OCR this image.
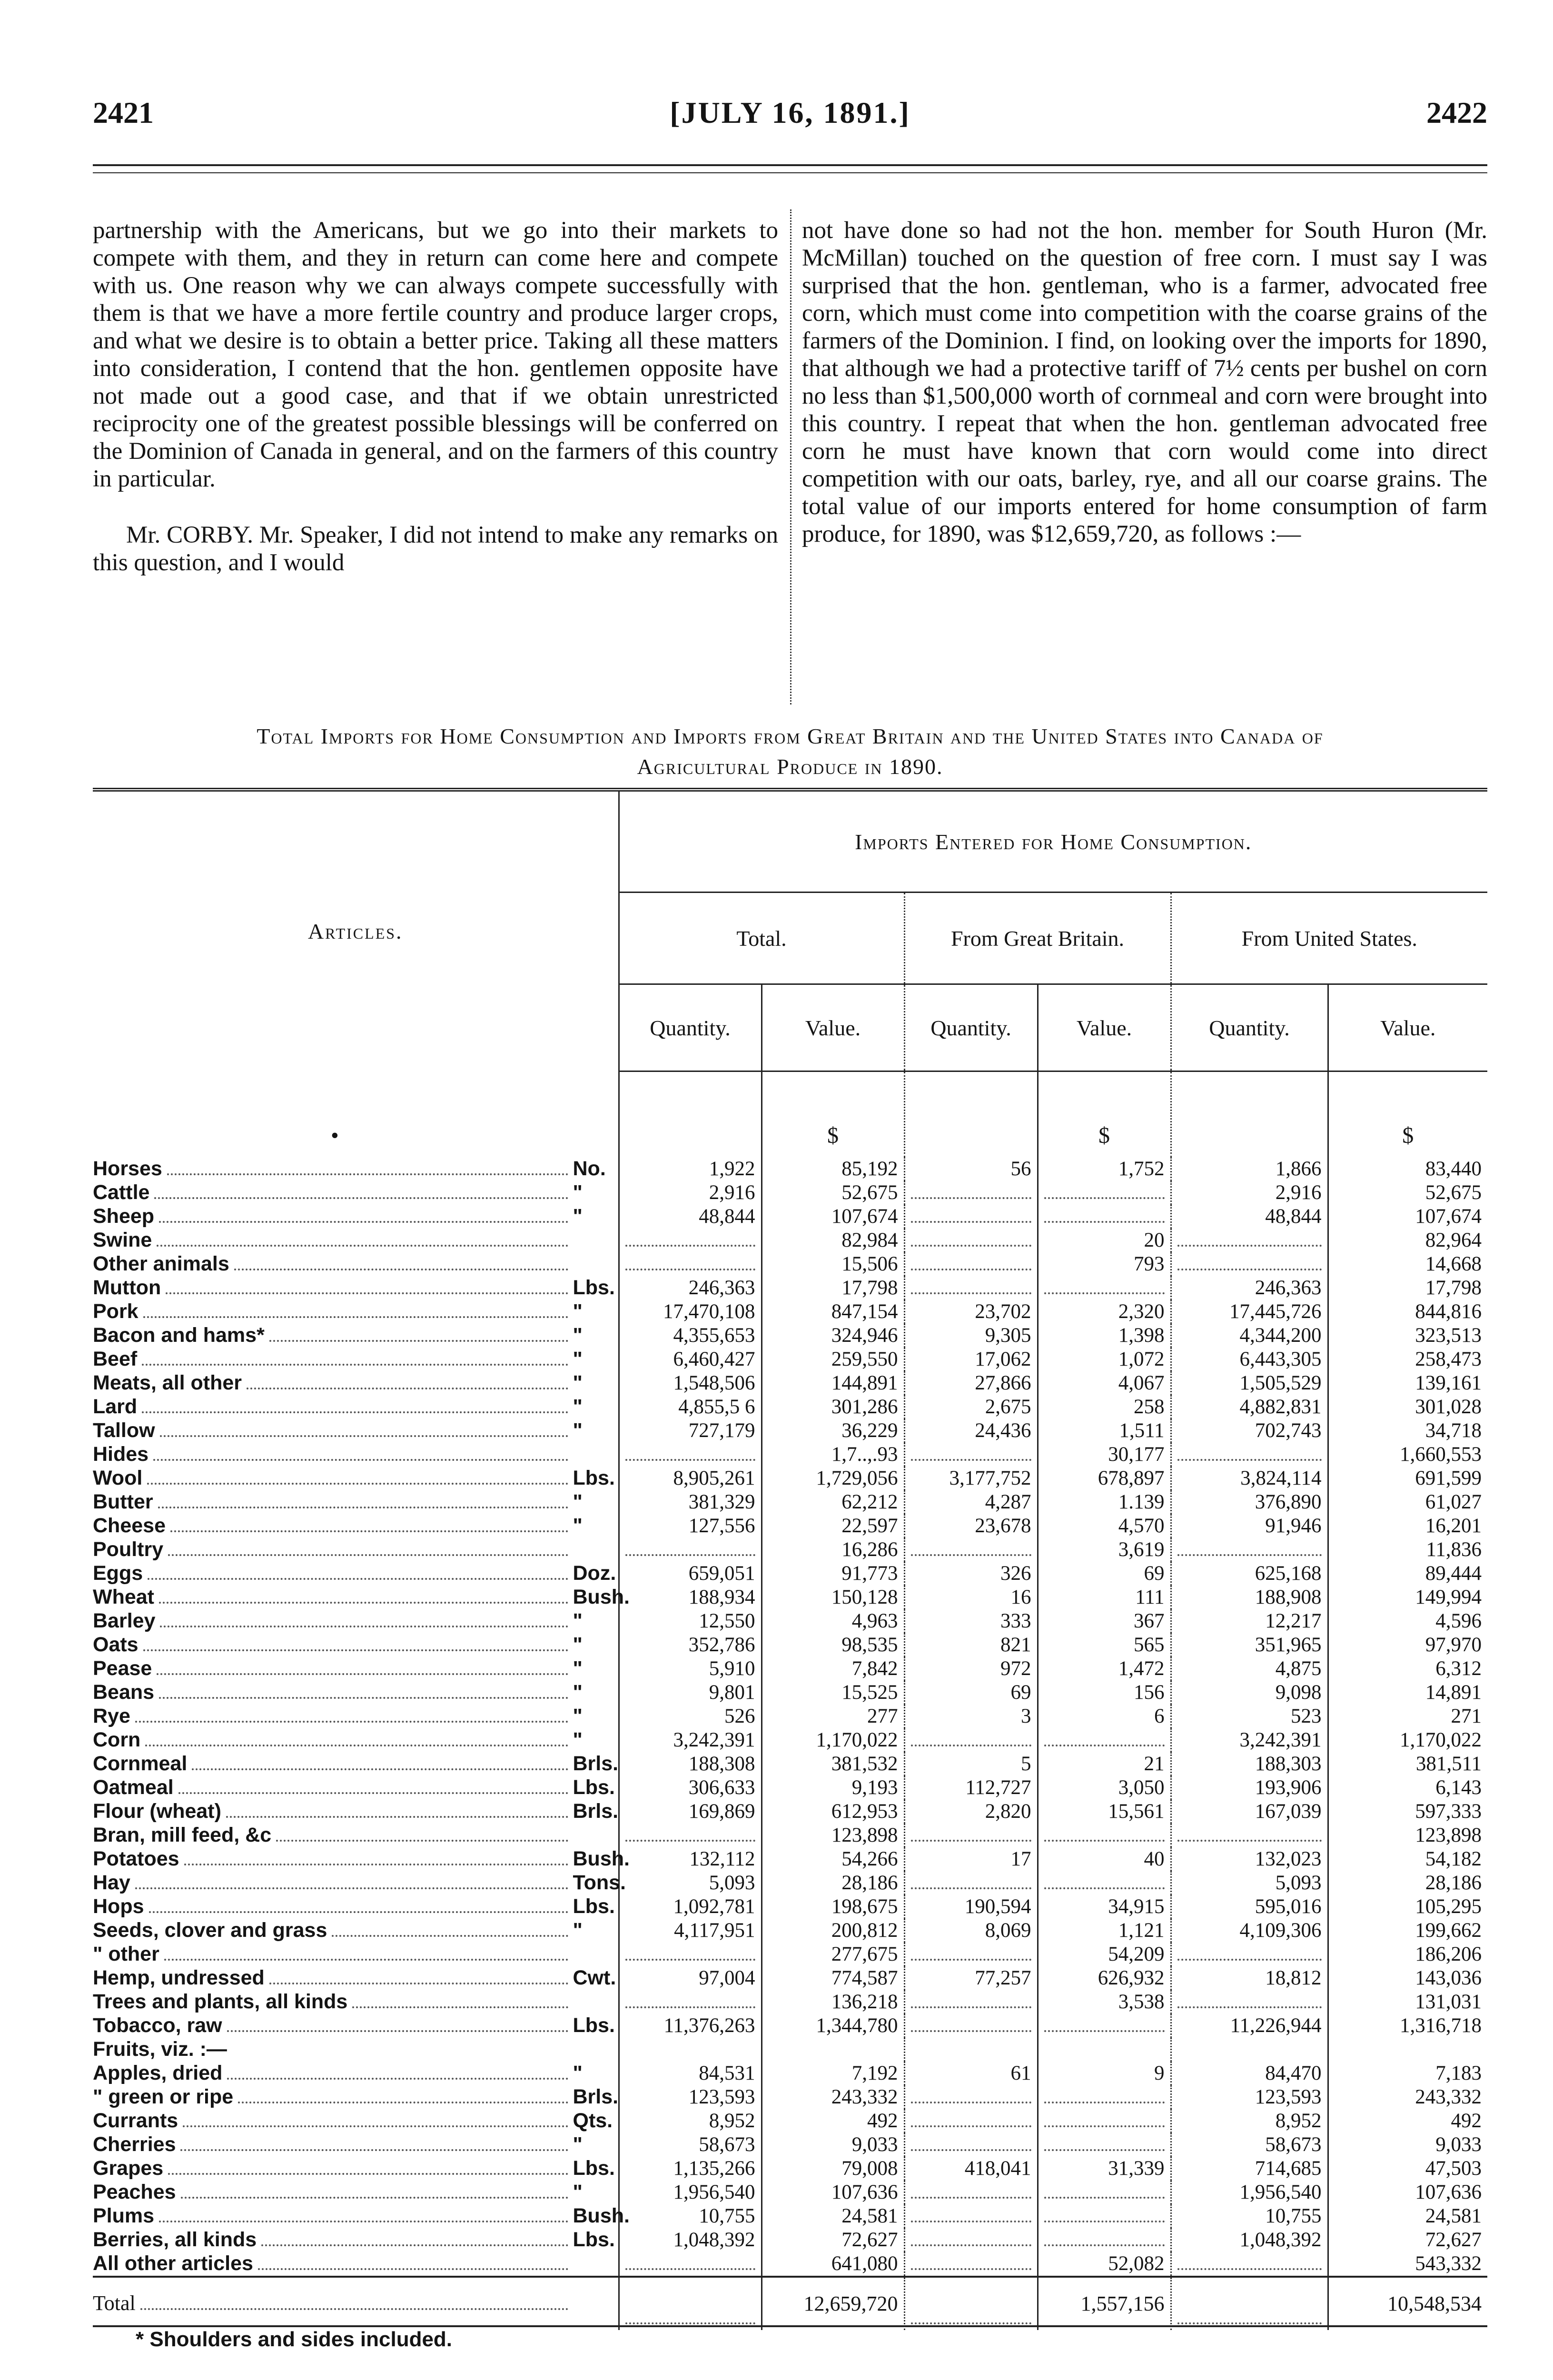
2421	[JULY 16, 1891.]	2422

partnership with the Americans, but we go into their markets to compete with them, and they in return can come here and compete with us. One reason why we can always compete successfully with them is that we have a more fertile country and produce larger crops, and what we desire is to obtain a better price. Taking all these matters into consideration, I contend that the hon. gentlemen opposite have not made out a good case, and that if we obtain unrestricted reciprocity one of the greatest possible blessings will be conferred on the Dominion of Canada in general, and on the farmers of this country in particular.

Mr. CORBY. Mr. Speaker, I did not intend to make any remarks on this question, and I would

not have done so had not the hon. member for South Huron (Mr. McMillan) touched on the question of free corn. I must say I was surprised that the hon. gentleman, who is a farmer, advocated free corn, which must come into competition with the coarse grains of the farmers of the Dominion. I find, on looking over the imports for 1890, that although we had a protective tariff of 7½ cents per bushel on corn no less than $1,500,000 worth of cornmeal and corn were brought into this country. I repeat that when the hon. gentleman advocated free corn he must have known that corn would come into direct competition with our oats, barley, rye, and all our coarse grains. The total value of our imports entered for home consumption of farm produce, for 1890, was $12,659,720, as follows :—

Total Imports for Home Consumption and Imports from Great Britain and the United States into Canada of
Agricultural Produce in 1890.
Articles.	Imports Entered for Home Consumption.					
	Total.		From Great Britain.		From United States.	
	Quantity.	Value.	Quantity.	Value.	Quantity.	Value.
•		$		$		$

Horses No.	1,922	85,192	56	1,752	1,866	83,440

Cattle "	2,916	52,675			2,916	52,675

Sheep "	48,844	107,674			48,844	107,674

Swine		82,984		20		82,964

Other animals		15,506		793		14,668

Mutton Lbs.	246,363	17,798			246,363	17,798

Pork "	17,470,108	847,154	23,702	2,320	17,445,726	844,816

Bacon and hams* "	4,355,653	324,946	9,305	1,398	4,344,200	323,513

Beef "	6,460,427	259,550	17,062	1,072	6,443,305	258,473

Meats, all other "	1,548,506	144,891	27,866	4,067	1,505,529	139,161

Lard "	4,855,5 6	301,286	2,675	258	4,882,831	301,028

Tallow "	727,179	36,229	24,436	1,511	702,743	34,718

Hides		1,7..,.93		30,177		1,660,553

Wool Lbs.	8,905,261	1,729,056	3,177,752	678,897	3,824,114	691,599

Butter "	381,329	62,212	4,287	1.139	376,890	61,027

Cheese "	127,556	22,597	23,678	4,570	91,946	16,201

Poultry		16,286		3,619		11,836

Eggs Doz.	659,051	91,773	326	69	625,168	89,444

Wheat Bush.	188,934	150,128	16	111	188,908	149,994

Barley "	12,550	4,963	333	367	12,217	4,596

Oats "	352,786	98,535	821	565	351,965	97,970

Pease "	5,910	7,842	972	1,472	4,875	6,312

Beans "	9,801	15,525	69	156	9,098	14,891

Rye "	526	277	3	6	523	271

Corn "	3,242,391	1,170,022			3,242,391	1,170,022

Cornmeal Brls.	188,308	381,532	5	21	188,303	381,511

Oatmeal Lbs.	306,633	9,193	112,727	3,050	193,906	6,143

Flour (wheat) Brls.	169,869	612,953	2,820	15,561	167,039	597,333

Bran, mill feed, &c		123,898				123,898

Potatoes Bush.	132,112	54,266	17	40	132,023	54,182

Hay Tons.	5,093	28,186			5,093	28,186

Hops Lbs.	1,092,781	198,675	190,594	34,915	595,016	105,295

Seeds, clover and grass "	4,117,951	200,812	8,069	1,121	4,109,306	199,662

" other		277,675		54,209		186,206

Hemp, undressed Cwt.	97,004	774,587	77,257	626,932	18,812	143,036

Trees and plants, all kinds		136,218		3,538		131,031

Tobacco, raw Lbs.	11,376,263	1,344,780			11,226,944	1,316,718

Fruits, viz. :—						

Apples, dried "	84,531	7,192	61	9	84,470	7,183

" green or ripe Brls.	123,593	243,332			123,593	243,332

Currants Qts.	8,952	492			8,952	492

Cherries "	58,673	9,033			58,673	9,033

Grapes Lbs.	1,135,266	79,008	418,041	31,339	714,685	47,503

Peaches "	1,956,540	107,636			1,956,540	107,636

Plums Bush.	10,755	24,581			10,755	24,581

Berries, all kinds Lbs.	1,048,392	72,627			1,048,392	72,627

All other articles		641,080		52,082		543,332

Total		12,659,720		1,557,156		10,548,534
* Shoulders and sides included.
